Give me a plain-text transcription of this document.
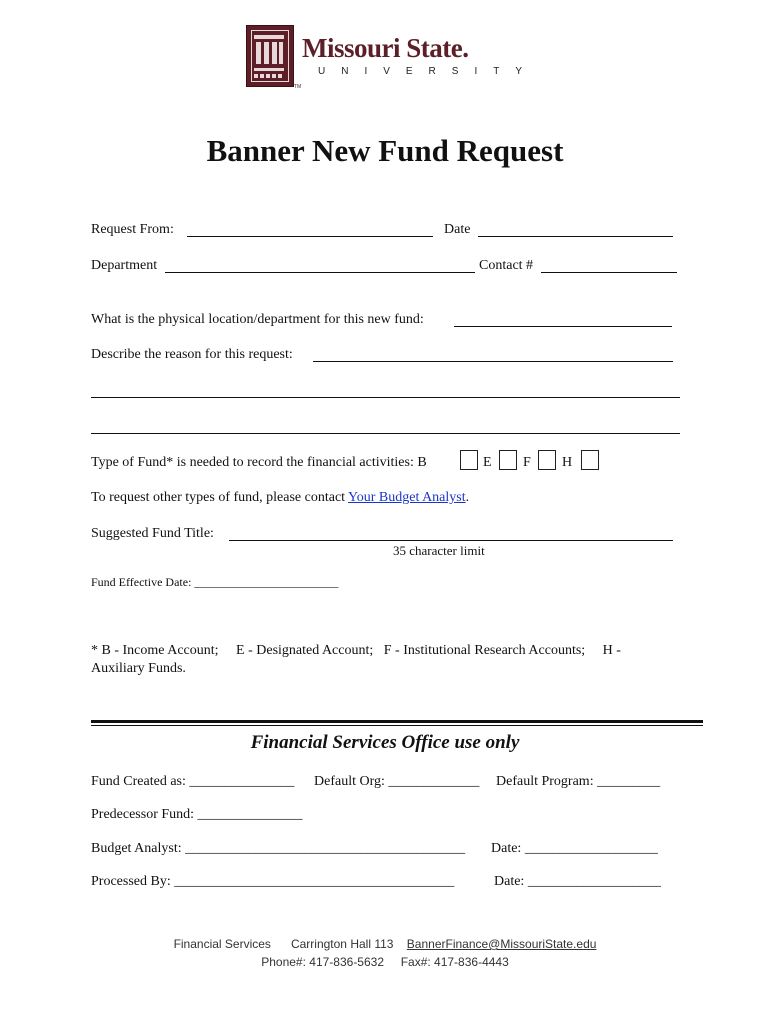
Missouri State.
UNIVERSITY
TM
Banner New Fund Request
Request From:	Date
Department	Contact #
What is the physical location/department for this new fund:
Describe the reason for this request:
Type of Fund* is needed to record the financial activities: B	E F H
To request other types of fund, please contact Your Budget Analyst.
Suggested Fund Title:
35 character limit
Fund Effective Date: ________________________
* B - Income Account;     E - Designated Account;   F - Institutional Research Accounts;     H -
Auxiliary Funds.
Financial Services Office use only
Fund Created as: _______________ Default Org: _____________ Default Program: _________
Predecessor Fund: _______________
Budget Analyst: ________________________________________ Date: ___________________
Processed By: ________________________________________	Date: ___________________
Financial Services Carrington Hall 113 BannerFinance@MissouriState.edu
Phone#: 417-836-5632 Fax#: 417-836-4443
